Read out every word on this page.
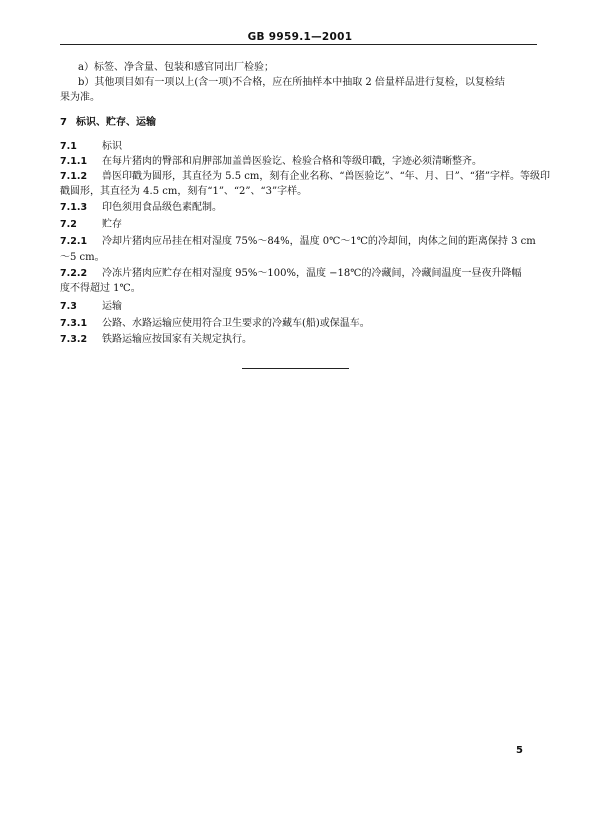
GB 9959.1—2001
a）标签、净含量、包装和感官同出厂检验；
b）其他项目如有一项以上(含一项)不合格，应在所抽样本中抽取 2 倍量样品进行复检，以复检结
果为准。
7 标识、贮存、运输
7.1	标识
7.1.1 在每片猪肉的臀部和肩胛部加盖兽医验讫、检验合格和等级印戳，字迹必须清晰整齐。
7.1.2 兽医印戳为圆形，其直径为 5.5 cm，刻有企业名称、“兽医验讫”、“年、月、日”、“猪”字样。等级印
戳圆形，其直径为 4.5 cm，刻有“1”、“2”、“3”字样。
7.1.3 印色须用食品级色素配制。
7.2	贮存
7.2.1 冷却片猪肉应吊挂在相对湿度 75%～84%，温度 0℃～1℃的冷却间，肉体之间的距离保持 3 cm
～5 cm。
7.2.2 冷冻片猪肉应贮存在相对湿度 95%～100%，温度 −18℃的冷藏间，冷藏间温度一昼夜升降幅
度不得超过 1℃。
7.3	运输
7.3.1 公路、水路运输应使用符合卫生要求的冷藏车(船)或保温车。
7.3.2 铁路运输应按国家有关规定执行。
5
